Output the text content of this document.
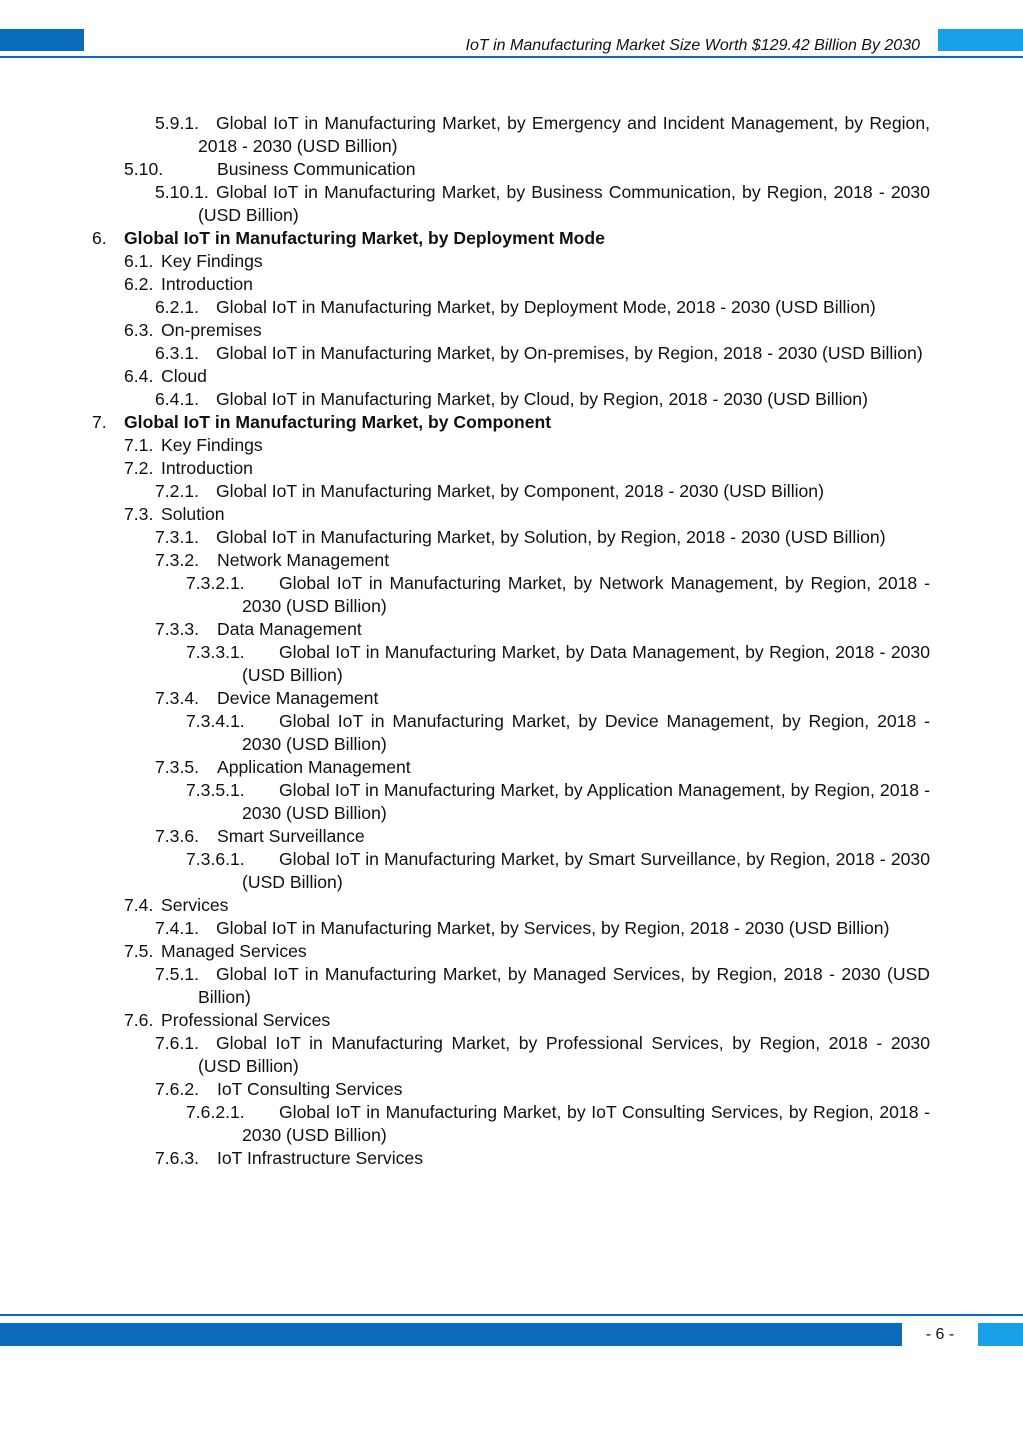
IoT in Manufacturing Market Size Worth $129.42 Billion By 2030
5.9.1. Global IoT in Manufacturing Market, by Emergency and Incident Management, by Region, 2018 - 2030 (USD Billion)
5.10.	Business Communication
5.10.1. Global IoT in Manufacturing Market, by Business Communication, by Region, 2018 - 2030 (USD Billion)
6. Global IoT in Manufacturing Market, by Deployment Mode
6.1. Key Findings
6.2. Introduction
6.2.1. Global IoT in Manufacturing Market, by Deployment Mode, 2018 - 2030 (USD Billion)
6.3. On-premises
6.3.1. Global IoT in Manufacturing Market, by On-premises, by Region, 2018 - 2030 (USD Billion)
6.4. Cloud
6.4.1. Global IoT in Manufacturing Market, by Cloud, by Region, 2018 - 2030 (USD Billion)
7. Global IoT in Manufacturing Market, by Component
7.1. Key Findings
7.2. Introduction
7.2.1. Global IoT in Manufacturing Market, by Component, 2018 - 2030 (USD Billion)
7.3. Solution
7.3.1. Global IoT in Manufacturing Market, by Solution, by Region, 2018 - 2030 (USD Billion)
7.3.2. Network Management
7.3.2.1.	Global IoT in Manufacturing Market, by Network Management, by Region, 2018 - 2030 (USD Billion)
7.3.3. Data Management
7.3.3.1.	Global IoT in Manufacturing Market, by Data Management, by Region, 2018 - 2030 (USD Billion)
7.3.4. Device Management
7.3.4.1.	Global IoT in Manufacturing Market, by Device Management, by Region, 2018 - 2030 (USD Billion)
7.3.5. Application Management
7.3.5.1.	Global IoT in Manufacturing Market, by Application Management, by Region, 2018 - 2030 (USD Billion)
7.3.6. Smart Surveillance
7.3.6.1.	Global IoT in Manufacturing Market, by Smart Surveillance, by Region, 2018 - 2030 (USD Billion)
7.4. Services
7.4.1. Global IoT in Manufacturing Market, by Services, by Region, 2018 - 2030 (USD Billion)
7.5. Managed Services
7.5.1. Global IoT in Manufacturing Market, by Managed Services, by Region, 2018 - 2030 (USD Billion)
7.6. Professional Services
7.6.1. Global IoT in Manufacturing Market, by Professional Services, by Region, 2018 - 2030 (USD Billion)
7.6.2. IoT Consulting Services
7.6.2.1.	Global IoT in Manufacturing Market, by IoT Consulting Services, by Region, 2018 - 2030 (USD Billion)
7.6.3. IoT Infrastructure Services
- 6 -
